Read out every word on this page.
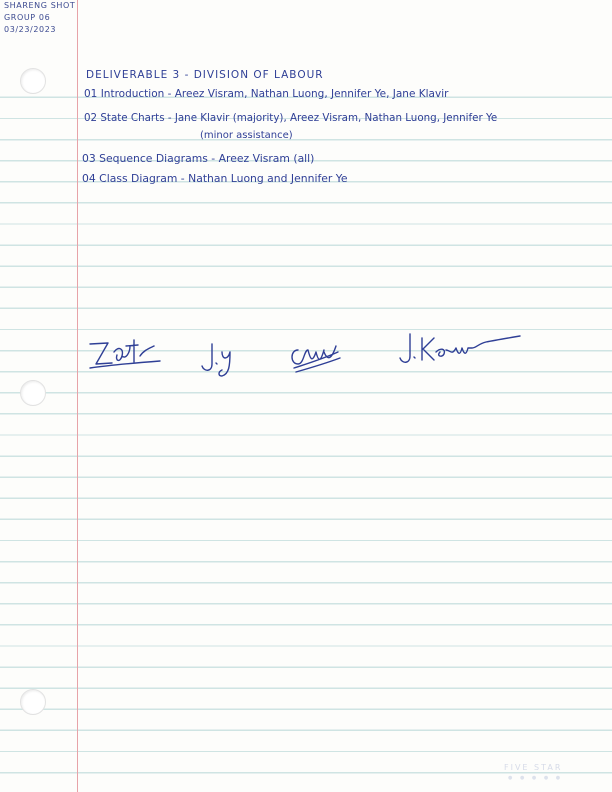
SHARENG SHOT
GROUP 06
03/23/2023
DELIVERABLE 3 - DIVISION OF LABOUR
01 Introduction - Areez Visram, Nathan Luong, Jennifer Ye, Jane Klavir
02 State Charts - Jane Klavir (majority), Areez Visram, Nathan Luong, Jennifer Ye
(minor assistance)
03 Sequence Diagrams - Areez Visram (all)
04 Class Diagram - Nathan Luong and Jennifer Ye
FIVE STAR
● ● ● ● ●
